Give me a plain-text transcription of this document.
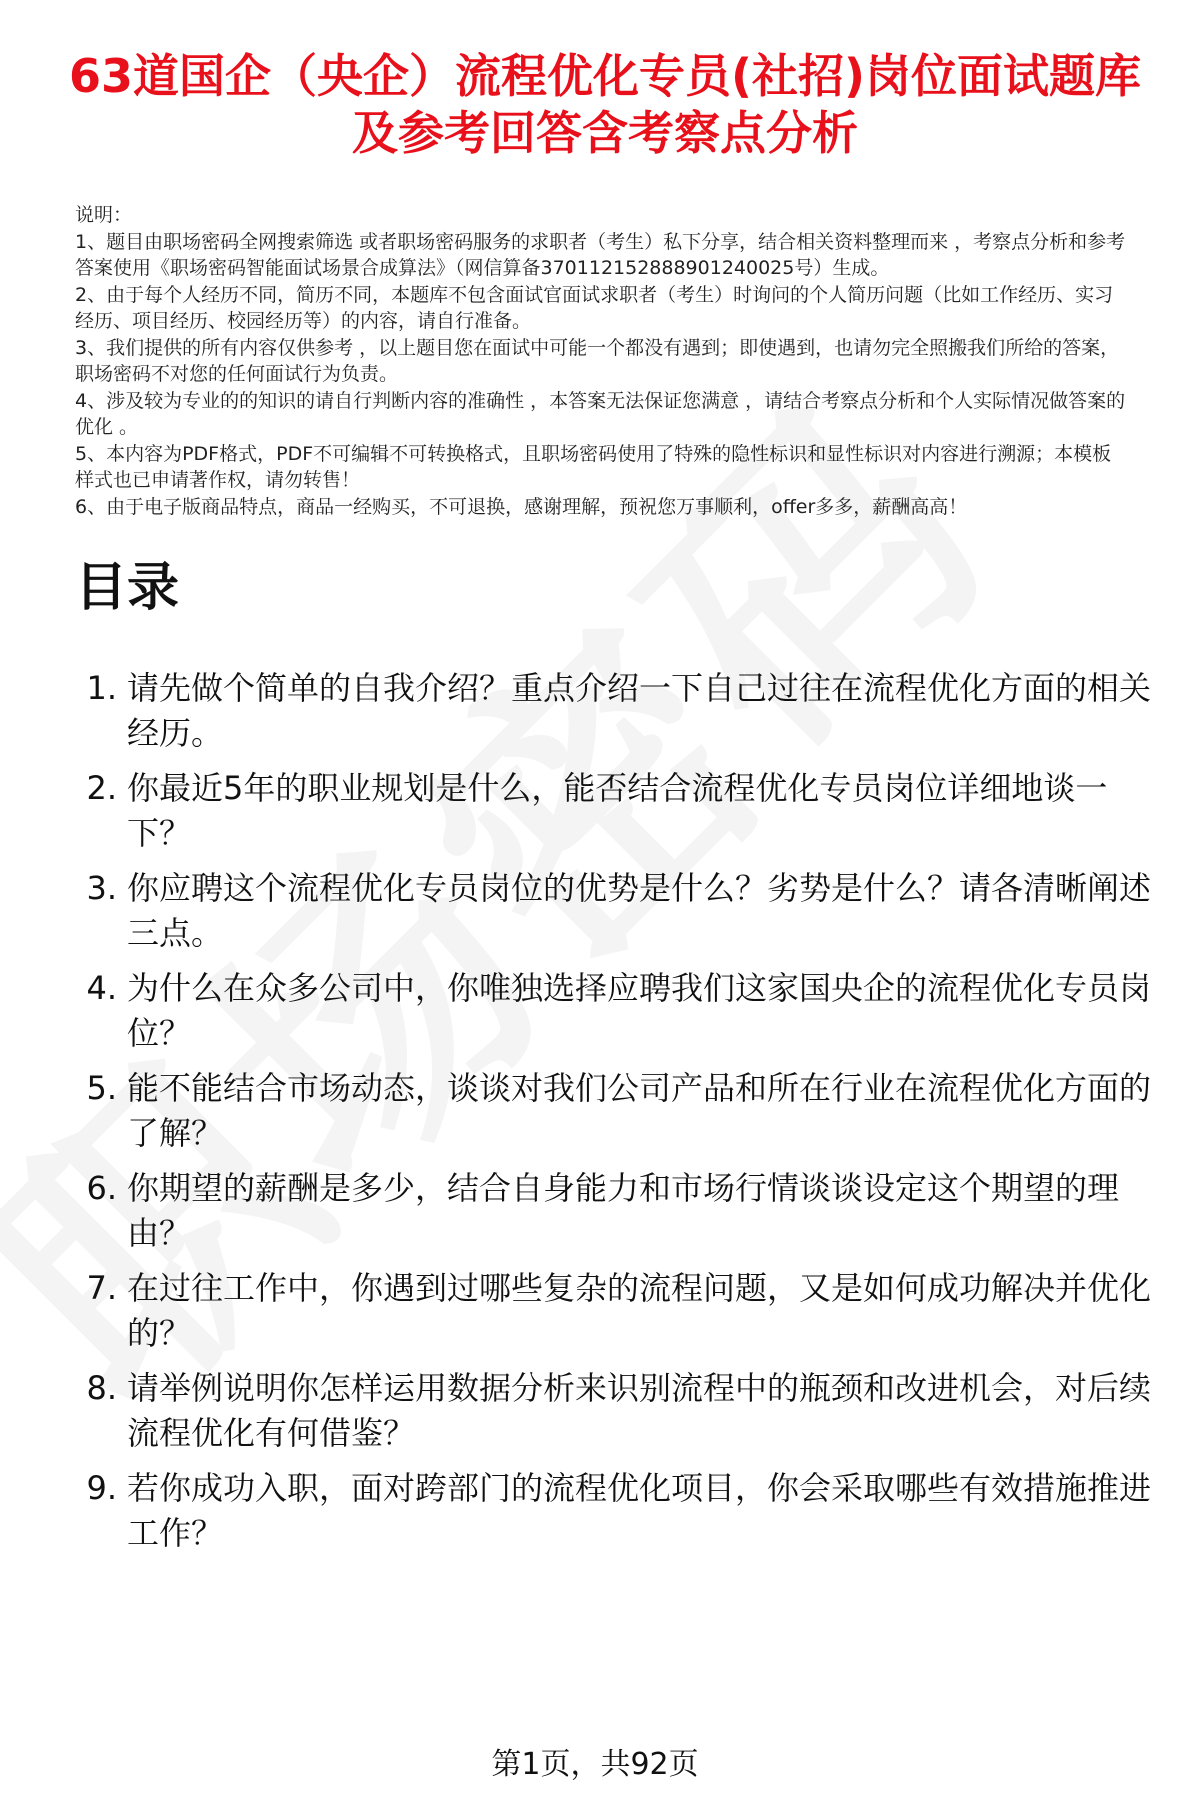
63道国企（央企）流程优化专员(社招)岗位面试题库及参考回答含考察点分析

说明：

1、题目由职场密码全网搜索筛选 或者职场密码服务的求职者（考生）私下分享，结合相关资料整理而来 ，考察点分析和参考答案使用《职场密码智能面试场景合成算法》（网信算备370112152888901240025号）生成。

2、由于每个人经历不同，简历不同，本题库不包含面试官面试求职者（考生）时询问的个人简历问题（比如工作经历、实习经历、项目经历、校园经历等）的内容，请自行准备。

3、我们提供的所有内容仅供参考 ，以上题目您在面试中可能一个都没有遇到；即使遇到，也请勿完全照搬我们所给的答案，职场密码不对您的任何面试行为负责。

4、涉及较为专业的的知识的请自行判断内容的准确性 ，本答案无法保证您满意 ，请结合考察点分析和个人实际情况做答案的优化 。

5、本内容为PDF格式，PDF不可编辑不可转换格式，且职场密码使用了特殊的隐性标识和显性标识对内容进行溯源；本模板样式也已申请著作权，请勿转售！

6、由于电子版商品特点，商品一经购买，不可退换，感谢理解，预祝您万事顺利，offer多多，薪酬高高！

目录
1. 请先做个简单的自我介绍？重点介绍一下自己过往在流程优化方面的相关经历。
2. 你最近5年的职业规划是什么，能否结合流程优化专员岗位详细地谈一下？
3. 你应聘这个流程优化专员岗位的优势是什么？劣势是什么？请各清晰阐述三点。
4. 为什么在众多公司中，你唯独选择应聘我们这家国央企的流程优化专员岗位？
5. 能不能结合市场动态，谈谈对我们公司产品和所在行业在流程优化方面的了解？
6. 你期望的薪酬是多少，结合自身能力和市场行情谈谈设定这个期望的理由？
7. 在过往工作中，你遇到过哪些复杂的流程问题，又是如何成功解决并优化的？
8. 请举例说明你怎样运用数据分析来识别流程中的瓶颈和改进机会，对后续流程优化有何借鉴？
9. 若你成功入职，面对跨部门的流程优化项目，你会采取哪些有效措施推进工作？
第1页，共92页
